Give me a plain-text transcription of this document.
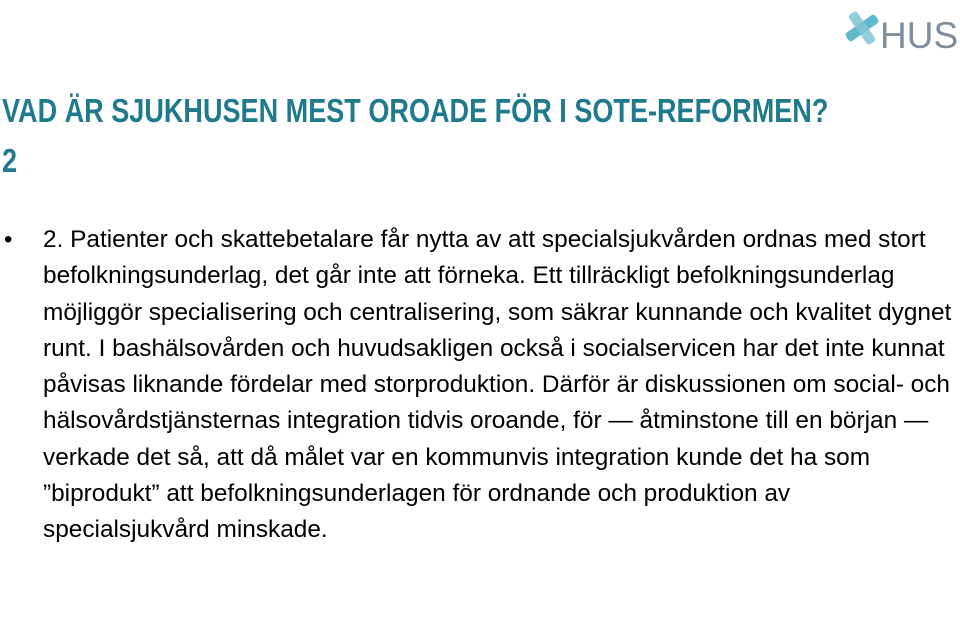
HUS
VAD ÄR SJUKHUSEN MEST OROADE FÖR I SOTE-REFORMEN?
2
• 2. Patienter och skattebetalare får nytta av att specialsjukvården ordnas med stort befolkningsunderlag, det går inte att förneka. Ett tillräckligt befolkningsunderlag möjliggör specialisering och centralisering, som säkrar kunnande och kvalitet dygnet runt. I bashälsovården och huvudsakligen också i socialservicen har det inte kunnat påvisas liknande fördelar med storproduktion. Därför är diskussionen om social- och hälsovårdstjänsternas integration tidvis oroande, för — åtminstone till en början — verkade det så, att då målet var en kommunvis integration kunde det ha som ”biprodukt” att befolkningsunderlagen för ordnande och produktion av specialsjukvård minskade.
